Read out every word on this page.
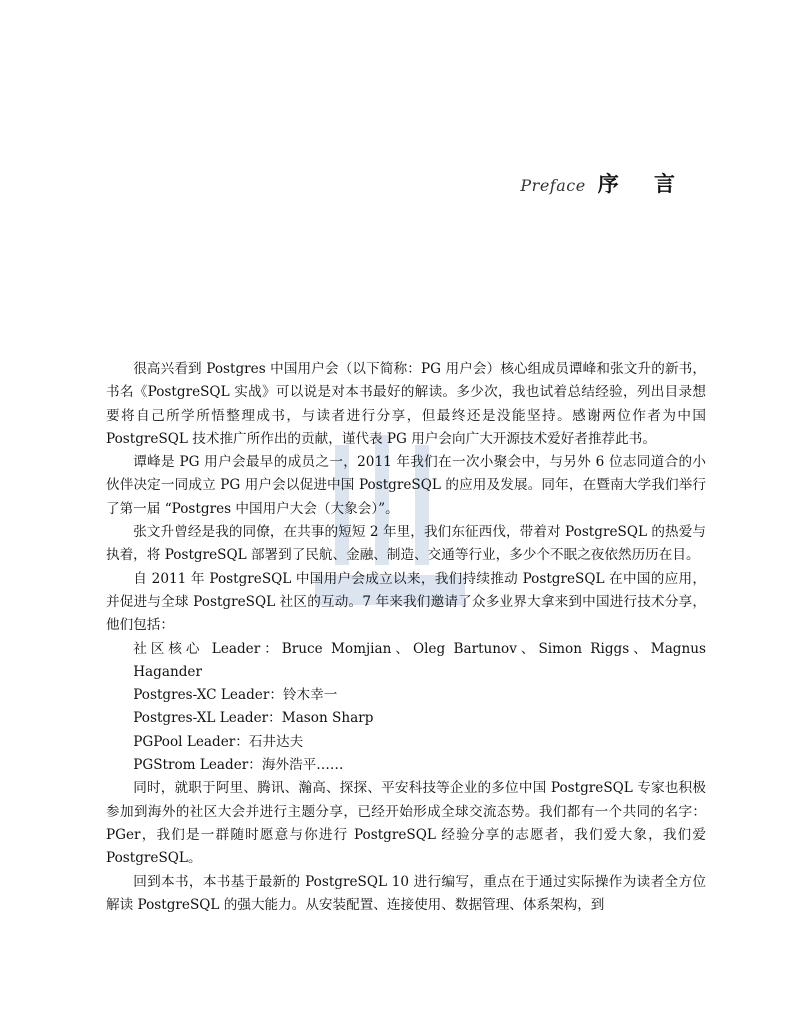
Preface 序 言

很高兴看到 Postgres 中国用户会（以下简称：PG 用户会）核心组成员谭峰和张文升的新书，书名《PostgreSQL 实战》可以说是对本书最好的解读。多少次，我也试着总结经验，列出目录想要将自己所学所悟整理成书，与读者进行分享，但最终还是没能坚持。感谢两位作者为中国 PostgreSQL 技术推广所作出的贡献，谨代表 PG 用户会向广大开源技术爱好者推荐此书。

谭峰是 PG 用户会最早的成员之一，2011 年我们在一次小聚会中，与另外 6 位志同道合的小伙伴决定一同成立 PG 用户会以促进中国 PostgreSQL 的应用及发展。同年，在暨南大学我们举行了第一届 “Postgres 中国用户大会（大象会）”。

张文升曾经是我的同僚，在共事的短短 2 年里，我们东征西伐，带着对 PostgreSQL 的热爱与执着，将 PostgreSQL 部署到了民航、金融、制造、交通等行业，多少个不眠之夜依然历历在目。

自 2011 年 PostgreSQL 中国用户会成立以来，我们持续推动 PostgreSQL 在中国的应用，并促进与全球 PostgreSQL 社区的互动。7 年来我们邀请了众多业界大拿来到中国进行技术分享，他们包括：

社区核心 Leader：Bruce Momjian、Oleg Bartunov、Simon Riggs、Magnus Hagander
Postgres-XC Leader：铃木幸一
Postgres-XL Leader：Mason Sharp
PGPool Leader：石井达夫
PGStrom Leader：海外浩平……

同时，就职于阿里、腾讯、瀚高、探探、平安科技等企业的多位中国 PostgreSQL 专家也积极参加到海外的社区大会并进行主题分享，已经开始形成全球交流态势。我们都有一个共同的名字：PGer，我们是一群随时愿意与你进行 PostgreSQL 经验分享的志愿者，我们爱大象，我们爱 PostgreSQL。

回到本书，本书基于最新的 PostgreSQL 10 进行编写，重点在于通过实际操作为读者全方位解读 PostgreSQL 的强大能力。从安装配置、连接使用、数据管理、体系架构，到
